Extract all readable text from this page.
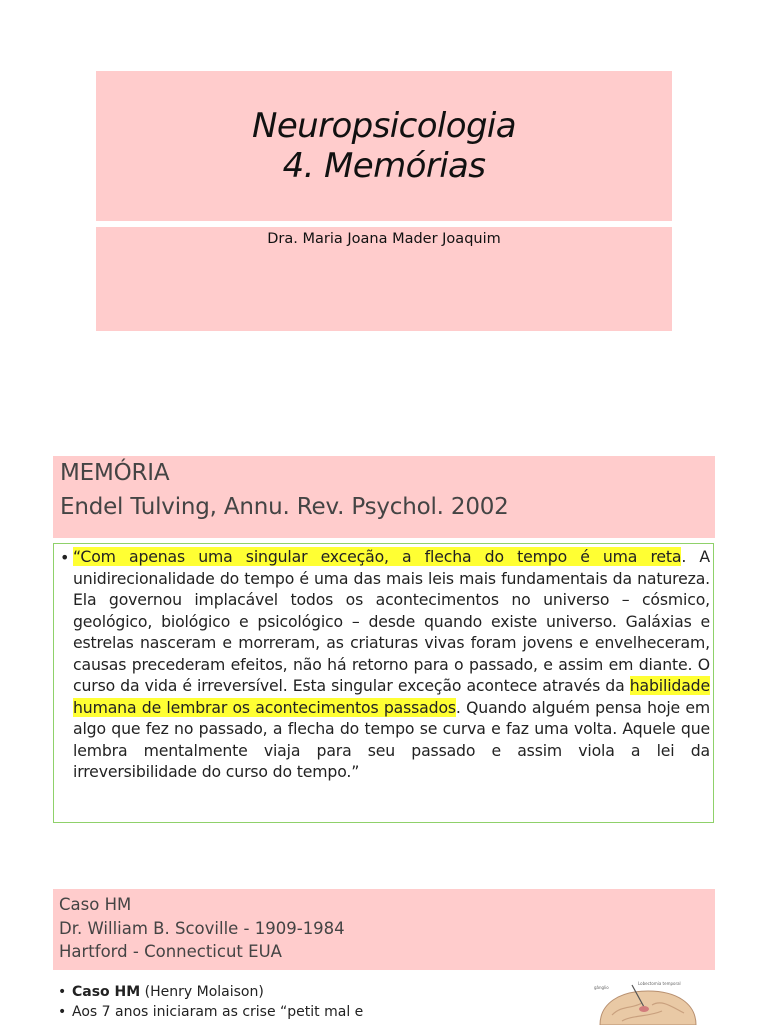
Neuropsicologia
4. Memórias
Dra. Maria Joana Mader Joaquim
MEMÓRIA
Endel Tulving, Annu. Rev. Psychol. 2002
• “Com apenas uma singular exceção, a flecha do tempo é uma reta. A unidirecionalidade do tempo é uma das mais leis mais fundamentais da natureza. Ela governou implacável todos os acontecimentos no universo – cósmico, geológico, biológico e psicológico – desde quando existe universo. Galáxias e estrelas nasceram e morreram, as criaturas vivas foram jovens e envelheceram, causas precederam efeitos, não há retorno para o passado, e assim em diante. O curso da vida é irreversível. Esta singular exceção acontece através da habilidade humana de lembrar os acontecimentos passados. Quando alguém pensa hoje em algo que fez no passado, a flecha do tempo se curva e faz uma volta. Aquele que lembra mentalmente viaja para seu passado e assim viola a lei da irreversibilidade do curso do tempo.”
Caso HM
Dr. William B. Scoville - 1909-1984
Hartford - Connecticut EUA
• Caso HM (Henry Molaison)
• Aos 7 anos iniciaram as crise “petit mal e
gânglio
Lobectomia temporal
